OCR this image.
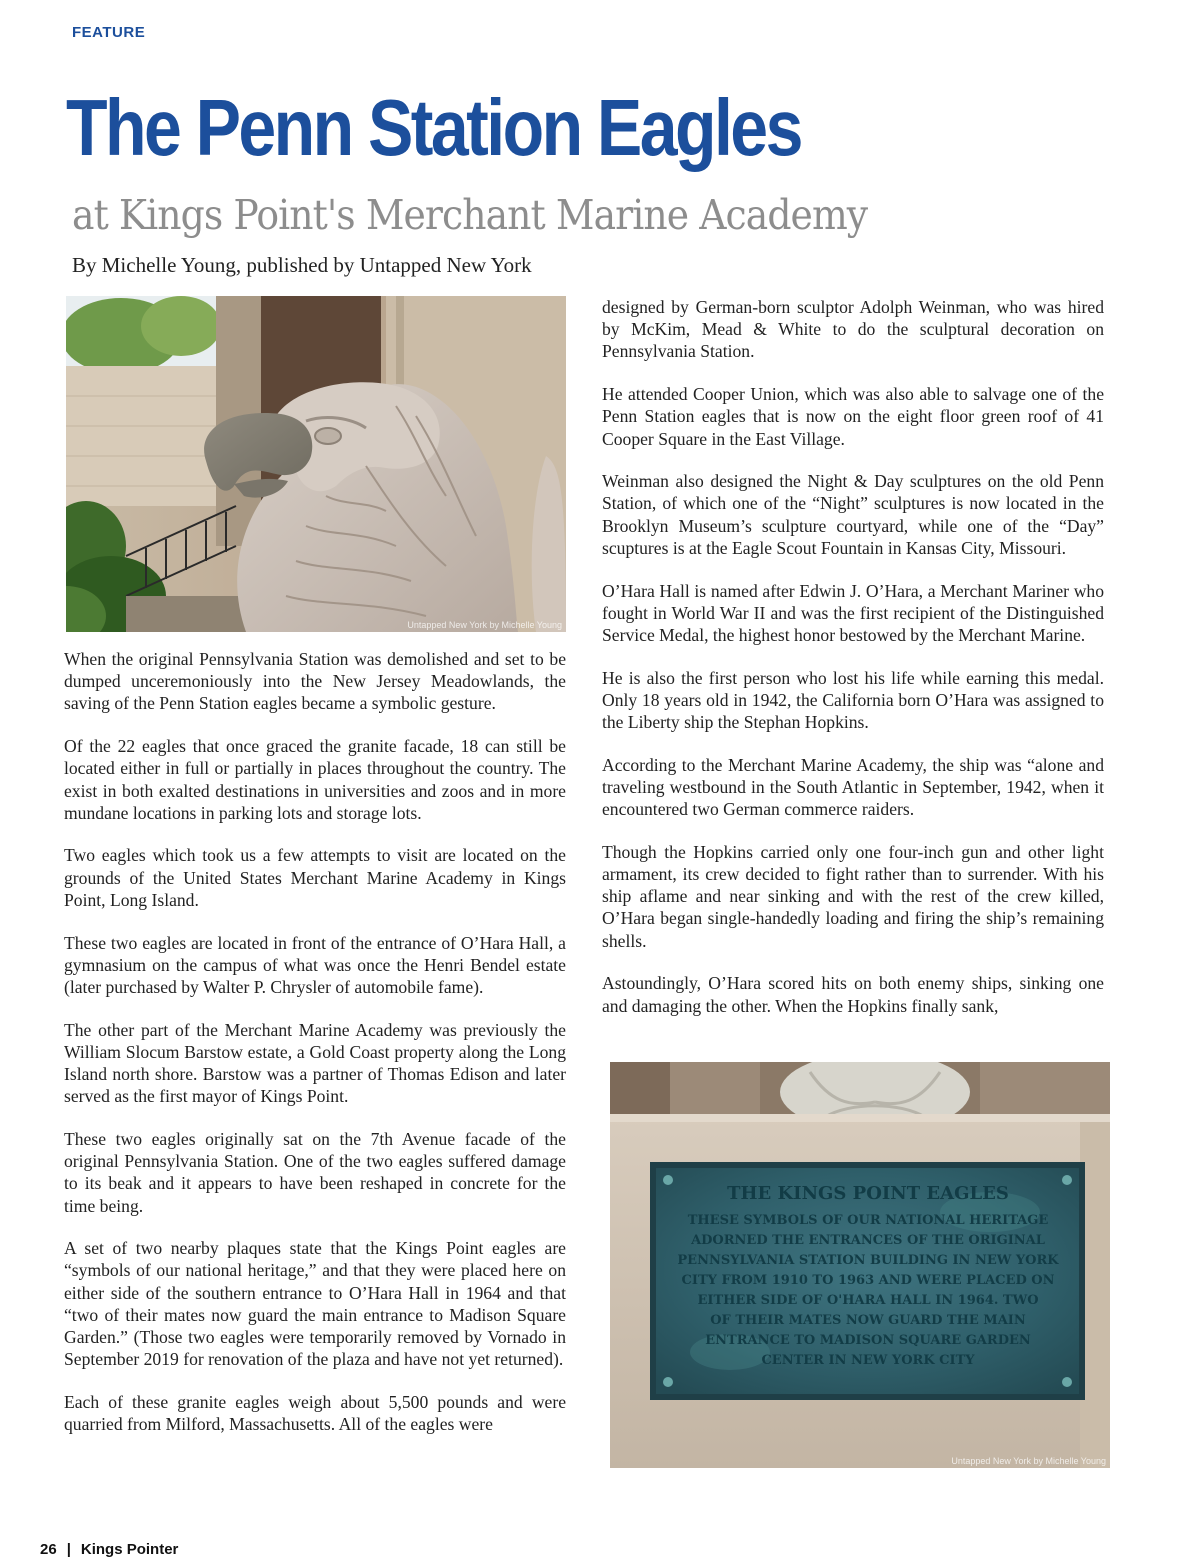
FEATURE
The Penn Station Eagles
at Kings Point's Merchant Marine Academy
By Michelle Young, published by Untapped New York
Untapped New York by Michelle Young

When the original Pennsylvania Station was demolished and set to be dumped unceremoniously into the New Jersey Meadowlands, the saving of the Penn Station eagles became a symbolic gesture.

Of the 22 eagles that once graced the granite facade, 18 can still be located either in full or partially in places throughout the country. The exist in both exalted destinations in universities and zoos and in more mundane locations in parking lots and storage lots.

Two eagles which took us a few attempts to visit are located on the grounds of the United States Merchant Marine Academy in Kings Point, Long Island.

These two eagles are located in front of the entrance of O’Hara Hall, a gymnasium on the campus of what was once the Henri Bendel estate (later purchased by Walter P. Chrysler of automobile fame).

The other part of the Merchant Marine Academy was previously the William Slocum Barstow estate, a Gold Coast property along the Long Island north shore. Barstow was a partner of Thomas Edison and later served as the first mayor of Kings Point.

These two eagles originally sat on the 7th Avenue facade of the original Pennsylvania Station. One of the two eagles suffered damage to its beak and it appears to have been reshaped in concrete for the time being.

A set of two nearby plaques state that the Kings Point eagles are “symbols of our national heritage,” and that they were placed here on either side of the southern entrance to O’Hara Hall in 1964 and that “two of their mates now guard the main entrance to Madison Square Garden.” (Those two eagles were temporarily removed by Vornado in September 2019 for renovation of the plaza and have not yet returned).

Each of these granite eagles weigh about 5,500 pounds and were quarried from Milford, Massachusetts. All of the eagles were

designed by German-born sculptor Adolph Weinman, who was hired by McKim, Mead & White to do the sculptural decoration on Pennsylvania Station.

He attended Cooper Union, which was also able to salvage one of the Penn Station eagles that is now on the eight floor green roof of 41 Cooper Square in the East Village.

Weinman also designed the Night & Day sculptures on the old Penn Station, of which one of the “Night” sculptures is now located in the Brooklyn Museum’s sculpture courtyard, while one of the “Day” scuptures is at the Eagle Scout Fountain in Kansas City, Missouri.

O’Hara Hall is named after Edwin J. O’Hara, a Merchant Mariner who fought in World War II and was the first recipient of the Distinguished Service Medal, the highest honor bestowed by the Merchant Marine.

He is also the first person who lost his life while earning this medal. Only 18 years old in 1942, the California born O’Hara was assigned to the Liberty ship the Stephan Hopkins.

According to the Merchant Marine Academy, the ship was “alone and traveling westbound in the South Atlantic in September, 1942, when it encountered two German commerce raiders.

Though the Hopkins carried only one four-inch gun and other light armament, its crew decided to fight rather than to surrender. With his ship aflame and near sinking and with the rest of the crew killed, O’Hara began single-handedly loading and firing the ship’s remaining shells.

Astoundingly, O’Hara scored hits on both enemy ships, sinking one and damaging the other. When the Hopkins finally sank,

THE KINGS POINT EAGLES
THESE SYMBOLS OF OUR NATIONAL HERITAGE
ADORNED THE ENTRANCES OF THE ORIGINAL
PENNSYLVANIA STATION BUILDING IN NEW YORK
CITY FROM 1910 TO 1963 AND WERE PLACED ON
EITHER SIDE OF O'HARA HALL IN 1964. TWO
OF THEIR MATES NOW GUARD THE MAIN
ENTRANCE TO MADISON SQUARE GARDEN
CENTER IN NEW YORK CITY
Untapped New York by Michelle Young
26 | Kings Pointer
